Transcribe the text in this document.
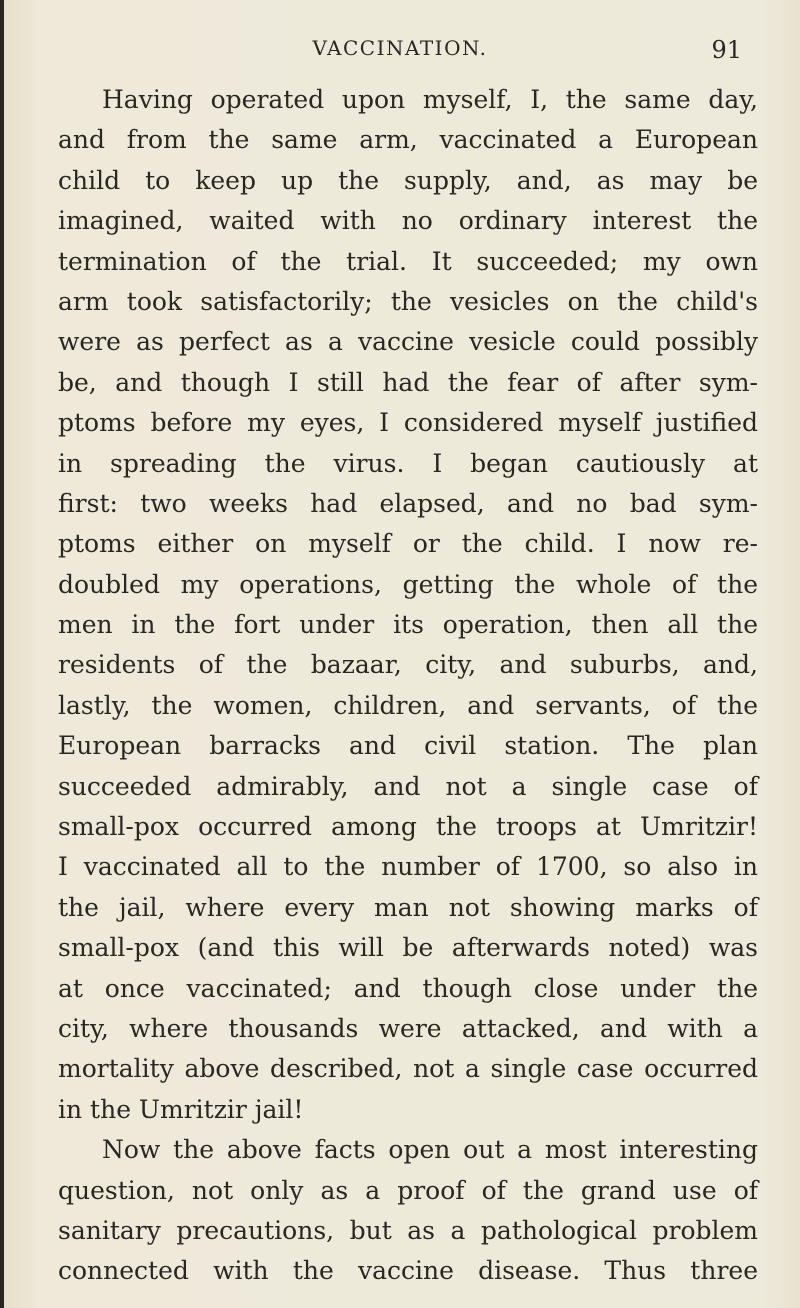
VACCINATION.	91
Having operated upon myself, I, the same day,
and from the same arm, vaccinated a European
child to keep up the supply, and, as may be
imagined, waited with no ordinary interest the
termination of the trial. It succeeded; my own
arm took satisfactorily; the vesicles on the child's
were as perfect as a vaccine vesicle could possibly
be, and though I still had the fear of after sym-
ptoms before my eyes, I considered myself justified
in spreading the virus. I began cautiously at
first: two weeks had elapsed, and no bad sym-
ptoms either on myself or the child. I now re-
doubled my operations, getting the whole of the
men in the fort under its operation, then all the
residents of the bazaar, city, and suburbs, and,
lastly, the women, children, and servants, of the
European barracks and civil station. The plan
succeeded admirably, and not a single case of
small-pox occurred among the troops at Umritzir!
I vaccinated all to the number of 1700, so also in
the jail, where every man not showing marks of
small-pox (and this will be afterwards noted) was
at once vaccinated; and though close under the
city, where thousands were attacked, and with a
mortality above described, not a single case occurred
in the Umritzir jail!
Now the above facts open out a most interesting
question, not only as a proof of the grand use of
sanitary precautions, but as a pathological problem
connected with the vaccine disease. Thus three
